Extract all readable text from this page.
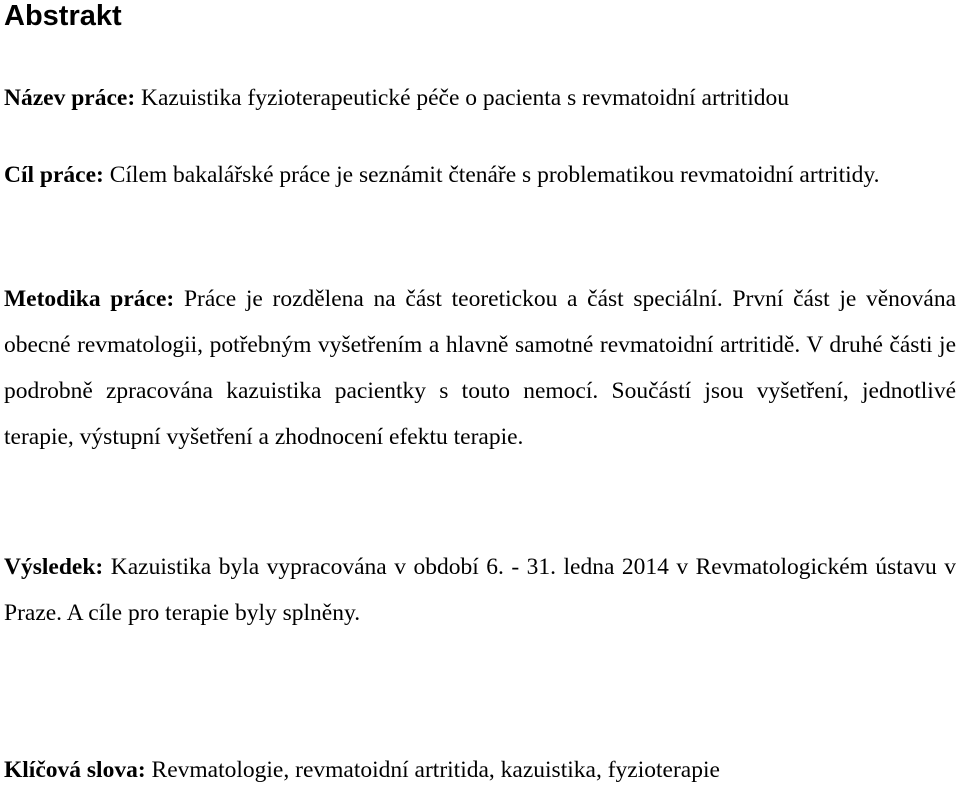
Abstrakt

Název práce: Kazuistika fyzioterapeutické péče o pacienta s revmatoidní artritidou

Cíl práce: Cílem bakalářské práce je seznámit čtenáře s problematikou revmatoidní artritidy.

Metodika práce: Práce je rozdělena na část teoretickou a část speciální. První část je věnována obecné revmatologii, potřebným vyšetřením a hlavně samotné revmatoidní artritidě. V druhé části je podrobně zpracována kazuistika pacientky s touto nemocí. Součástí jsou vyšetření, jednotlivé terapie, výstupní vyšetření a zhodnocení efektu terapie.

Výsledek: Kazuistika byla vypracována v období 6. - 31. ledna 2014 v Revmatologickém ústavu v Praze. A cíle pro terapie byly splněny.

Klíčová slova: Revmatologie, revmatoidní artritida, kazuistika, fyzioterapie
